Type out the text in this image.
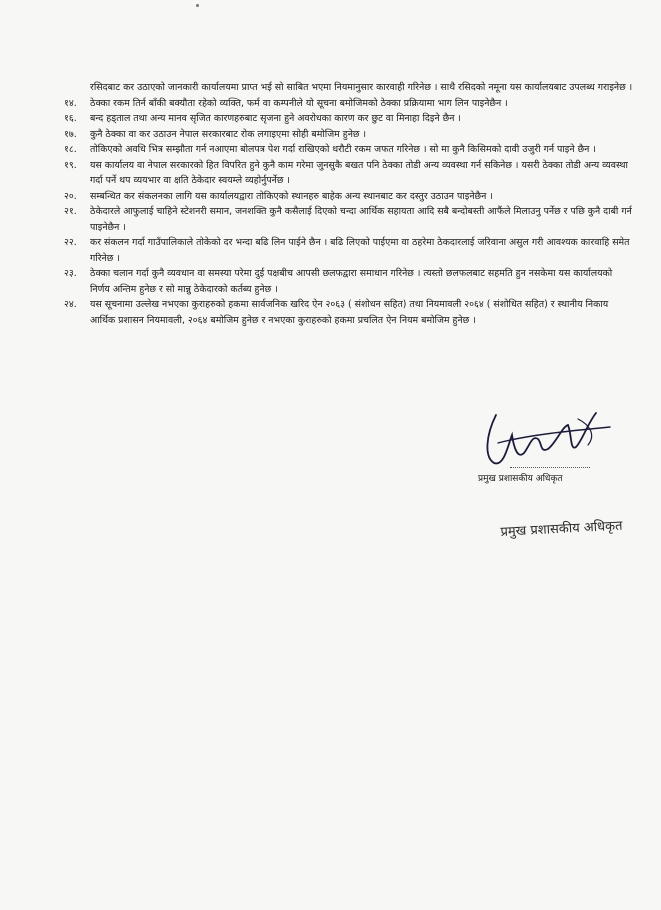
रसिदबाट कर उठाएको जानकारी कार्यालयमा प्राप्त भई सो साबित भएमा नियमानुसार कारवाही गरिनेछ । साथै रसिदको नमूना यस कार्यालयबाट उपलब्ध गराइनेछ ।

१४.	ठेक्का रकम तिर्न बाँकी बक्यौता रहेको व्यक्ति, फर्म वा कम्पनीले यो सूचना बमोजिमको ठेक्का प्रक्रियामा भाग लिन पाइनेछैन ।
१६.	बन्द हड्ताल तथा अन्य मानव सृजित कारणहरुबाट सृजना हुने अवरोधका कारण कर छुट वा मिनाहा दिइने छैन ।
१७.	कुनै ठेक्का वा कर उठाउन नेपाल सरकारबाट रोक लगाइएमा सोही बमोजिम हुनेछ ।
१८.	तोकिएको अवधि भित्र सम्झौता गर्न नआएमा बोलपत्र पेश गर्दा राखिएको धरौटी रकम जफत गरिनेछ । सो मा कुनै किसिमको दावी उजुरी गर्न पाइने छैन ।
१९.	यस कार्यालय वा नेपाल सरकारको हित विपरित हुने कुनै काम गरेमा जुनसुकै बखत पनि ठेक्का तोडी अन्य व्यवस्था गर्न सकिनेछ । यसरी ठेक्का तोडी अन्य व्यवस्था गर्दा पर्ने थप व्ययभार वा क्षति ठेकेदार स्वयम्ले व्यहोर्नुपर्नेछ ।
२०.	सम्बन्धित कर संकलनका लागि यस कार्यालयद्वारा तोकिएको स्थानहरु बाहेक अन्य स्थानबाट कर दस्तुर उठाउन पाइनेछैन ।
२१.	ठेकेदारले आफुलाई चाहिने स्टेशनरी समान, जनशक्ति कुनै कसैलाई दिएको चन्दा आर्थिक सहायता आदि सबै बन्दोबस्ती आफैंले मिलाउनु पर्नेछ र पछि कुनै दाबी गर्न पाइनेछैन ।
२२.	कर संकलन गर्दा गाउँपालिकाले तोकेको दर भन्दा बढि लिन पाईने छैन । बढि लिएको पाईएमा वा ठहरेमा ठेकदारलाई जरिवाना असुल गरी आवश्यक कारवाहि समेत गरिनेछ ।
२३.	ठेक्का चलान गर्दा कुनै व्यवधान वा समस्या परेमा दुई पक्षबीच आपसी छलफद्वारा समाधान गरिनेछ । त्यस्तो छलफलबाट सहमति हुन नसकेमा यस कार्यालयको निर्णय अन्तिम हुनेछ र सो मान्नु ठेकेदारको कर्तब्य हुनेछ ।
२४.	यस सूचनामा उल्लेख नभएका कुराहरुको हकमा सार्वजनिक खरिद ऐन २०६३ ( संशोधन सहित) तथा नियमावली २०६४ ( संशोधित सहित) र स्थानीय निकाय आर्थिक प्रशासन नियमावली, २०६४ बमोजिम हुनेछ र नभएका कुराहरुको हकमा प्रचलित ऐन नियम बमोजिम हुनेछ ।
प्रमुख प्रशासकीय अधिकृत
प्रमुख प्रशासकीय अधिकृत
